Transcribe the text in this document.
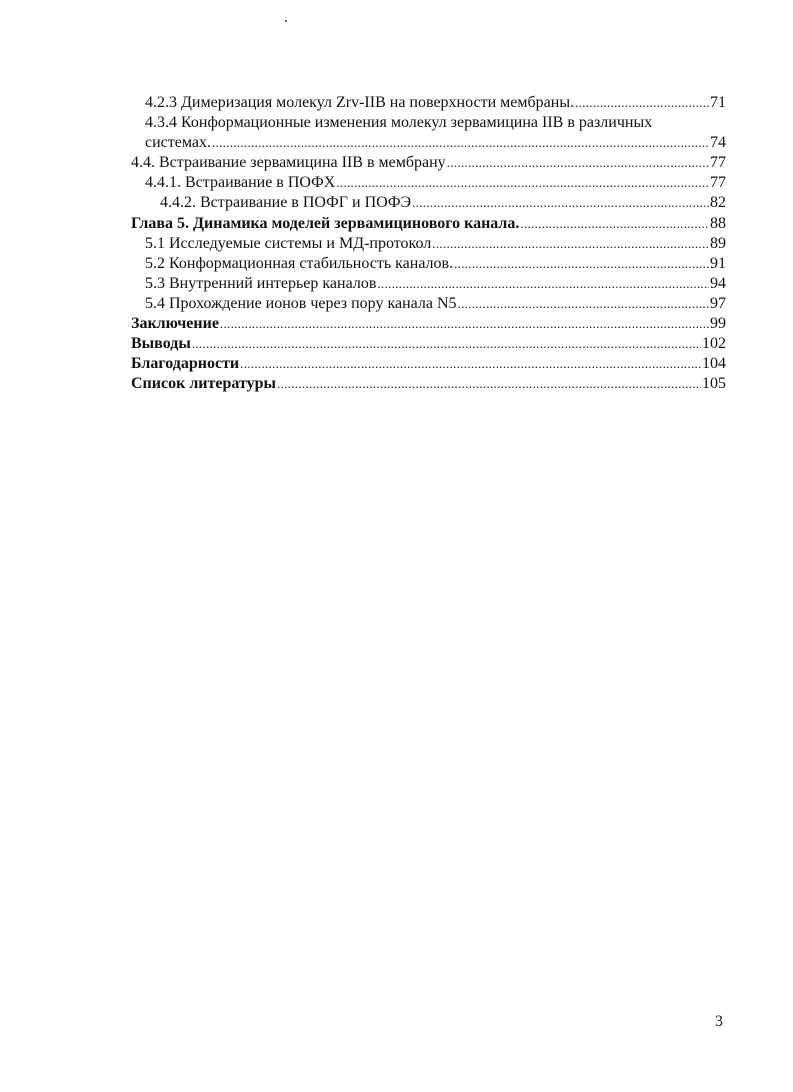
4.2.3 Димеризация молекул Zrv-IIB на поверхности мембраны. .....	71
4.3.4 Конформационные изменения молекул зервамицина IIB в различных
системах. .....	74
4.4. Встраивание зервамицина IIB в мембрану .....	77
4.4.1. Встраивание в ПОФХ .....	77
4.4.2. Встраивание в ПОФГ и ПОФЭ .....	82
Глава 5. Динамика моделей зервамицинового канала. .....	88
5.1 Исследуемые системы и МД-протокол .....	89
5.2 Конформационная стабильность каналов. .....	91
5.3 Внутренний интерьер каналов .....	94
5.4 Прохождение ионов через пору канала N5 .....	97
Заключение .....	99
Выводы .....	102
Благодарности .....	104
Список литературы .....	105
3
